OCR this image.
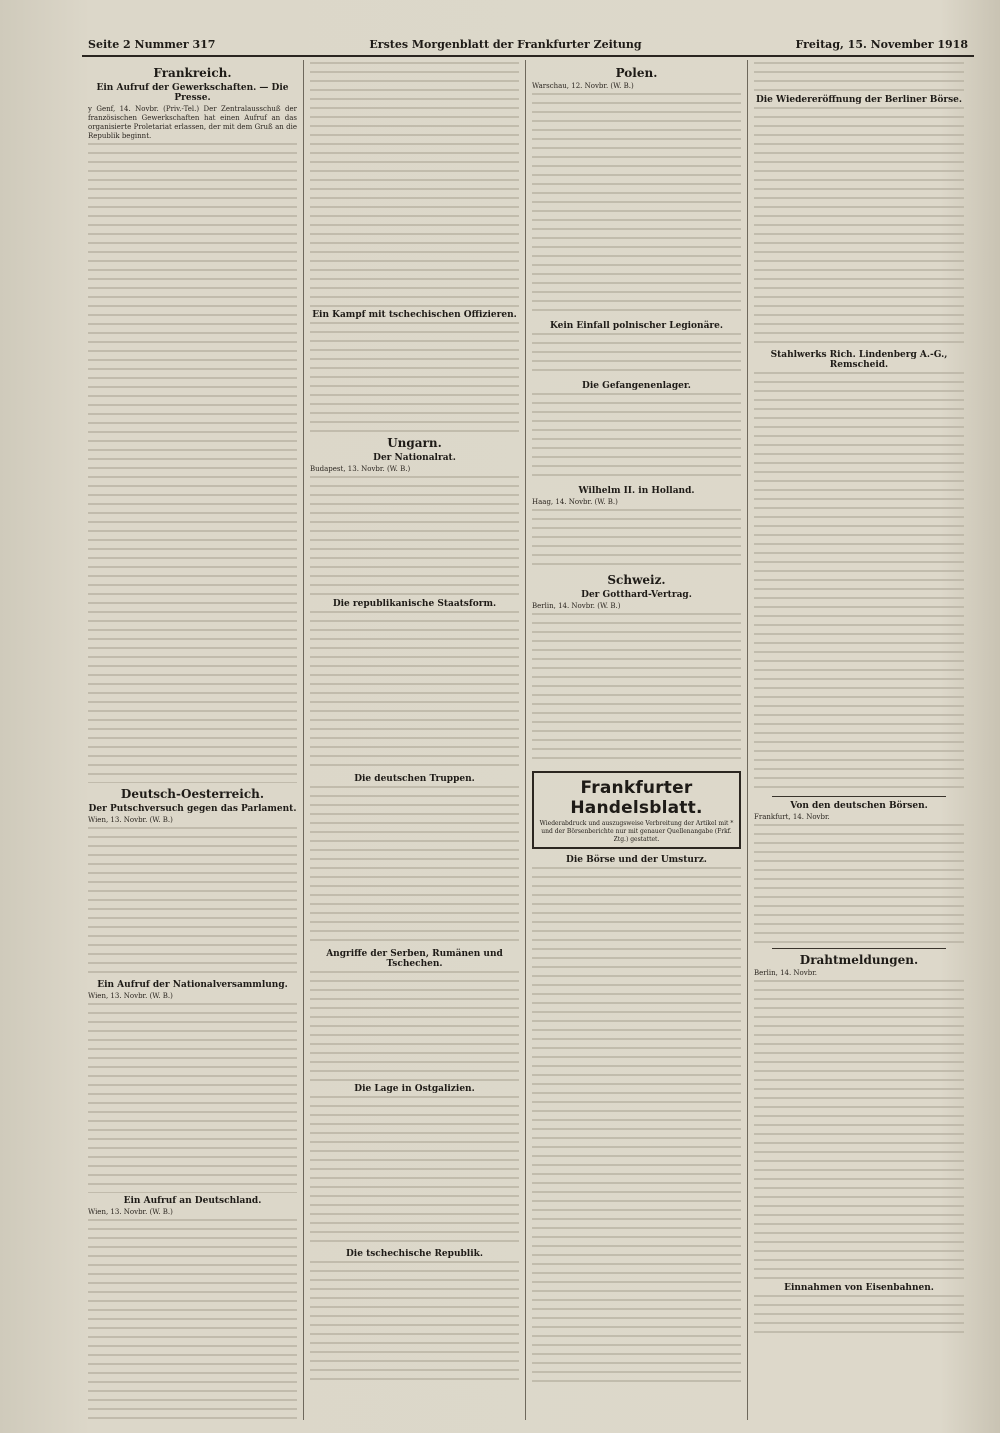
Seite 2 Nummer 317	Erstes Morgenblatt der Frankfurter Zeitung	Freitag, 15. November 1918
Frankreich.
Ein Aufruf der Gewerkschaften. — Die Presse.

y Genf, 14. Novbr. (Priv.-Tel.) Der Zentralausschuß der französischen Gewerkschaften hat einen Aufruf an das organisierte Proletariat erlassen, der mit dem Gruß an die Republik beginnt.

Deutsch-Oesterreich.
Der Putschversuch gegen das Parlament.

Wien, 13. Novbr. (W. B.)

Ein Aufruf der Nationalversammlung.

Wien, 13. Novbr. (W. B.)

Ein Aufruf an Deutschland.

Wien, 13. Novbr. (W. B.)

Ein Kampf mit tschechischen Offizieren.
Ungarn.
Der Nationalrat.

Budapest, 13. Novbr. (W. B.)

Die republikanische Staatsform.
Die deutschen Truppen.
Angriffe der Serben, Rumänen und Tschechen.
Die Lage in Ostgalizien.
Die tschechische Republik.
Polen.

Warschau, 12. Novbr. (W. B.)

Kein Einfall polnischer Legionäre.
Die Gefangenenlager.
Wilhelm II. in Holland.

Haag, 14. Novbr. (W. B.)

Schweiz.
Der Gotthard-Vertrag.

Berlin, 14. Novbr. (W. B.)

Frankfurter Handelsblatt.
Wiederabdruck und auszugsweise Verbreitung der Artikel mit * und der Börsenberichte nur mit genauer Quellenangabe (Frkf. Ztg.) gestattet.
Die Börse und der Umsturz.
Die Wiedereröffnung der Berliner Börse.
Stahlwerks Rich. Lindenberg A.-G., Remscheid.
Von den deutschen Börsen.

Frankfurt, 14. Novbr.

Drahtmeldungen.

Berlin, 14. Novbr.

Einnahmen von Eisenbahnen.
